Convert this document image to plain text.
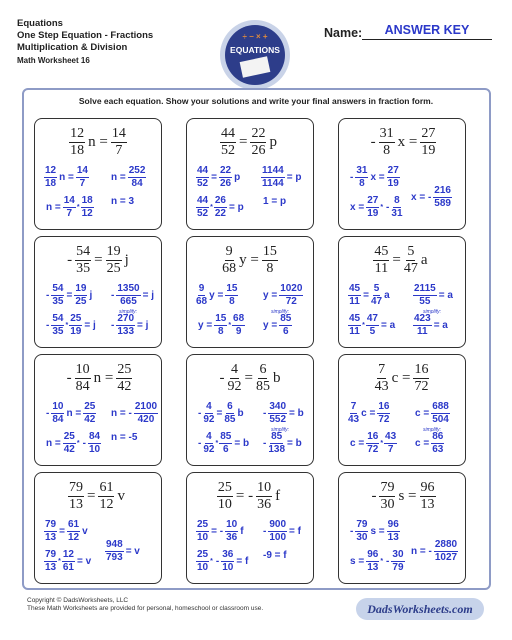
Equations
One Step Equation - Fractions
Multiplication & Division
Math Worksheet 16
÷ − × +
EQUATIONS
Name:	ANSWER KEY
Solve each equation. Show your solutions and write your final answers in fraction form.
$\frac{12}{18}$ $n = \frac{14}{7}$
$\frac{12}{18}$ $n = \frac{14}{7}$ $n = \frac{252}{84}$
$n = \frac{14}{7} * \frac{18}{12}$ n = 3
$\frac{44}{52} = \frac{22}{26}$ p
$\frac{44}{52} = \frac{22}{26}$ p $\frac{1144}{1144} = p$
$\frac{44}{52} * \frac{26}{22} = p$
1 = p
- $\frac{31}{8}$ $x = \frac{27}{19}$
- $\frac{31}{8}$ $x = \frac{27}{19}$
x = - $\frac{216}{589}$
$x = \frac{27}{19}$ * - $\frac{8}{31}$
- $\frac{54}{35} = \frac{19}{25}$ j
- $\frac{54}{35} = \frac{19}{25}$ $j - \frac{1350}{665} = j$
- $\frac{54}{35} * \frac{25}{19} = j - \frac{270}{133} = j$
simplify:
$\frac{9}{68}$ $y = \frac{15}{8}$
$\frac{9}{68}$ $y = \frac{15}{8}$ $y = \frac{1020}{72}$
$y = \frac{15}{8} * \frac{68}{9}$ $y = \frac{85}{6}$
simplify:
$\frac{45}{11} = \frac{5}{47}$ a
$\frac{45}{11} = \frac{5}{47}$ a $\frac{2115}{55} = a$
$\frac{45}{11} * \frac{47}{5} = a \frac{423}{11} = a$
simplify:
- $\frac{10}{84}$ $n = \frac{25}{42}$
- $\frac{10}{84}$ $n = \frac{25}{42}$ n = - $\frac{2100}{420}$
$n = \frac{25}{42}$ * - $\frac{84}{10}$ n = -5
- $\frac{4}{92} = \frac{6}{85}$ b
- $\frac{4}{92} = \frac{6}{85}$ $b - \frac{340}{552} = b$
- $\frac{4}{92} * \frac{85}{6} = b - \frac{85}{138} = b$
simplify:
$\frac{7}{43}$ $c = \frac{16}{72}$
$\frac{7}{43}$ $c = \frac{16}{72}$ $c = \frac{688}{504}$
$c = \frac{16}{72} * \frac{43}{7}$ $c = \frac{86}{63}$
simplify:
$\frac{79}{13} = \frac{61}{12}$ v
$\frac{79}{13} = \frac{61}{12}$ v
$\frac{948}{793} = v$
$\frac{79}{13} * \frac{12}{61} = v$
$\frac{25}{10}$ = - $\frac{10}{36}$ f
$\frac{25}{10}$ = - $\frac{10}{36}$ $f - \frac{900}{100} = f$
$\frac{25}{10}$ * - $\frac{36}{10} = f$
-9 = f
- $\frac{79}{30}$ $s = \frac{96}{13}$
- $\frac{79}{30}$ $s = \frac{96}{13}$
n = - $\frac{2880}{1027}$
$s = \frac{96}{13}$ * - $\frac{30}{79}$
Copyright © DadsWorksheets, LLC
These Math Worksheets are provided for personal, homeschool or classroom use.	DadsWorksheets.com
